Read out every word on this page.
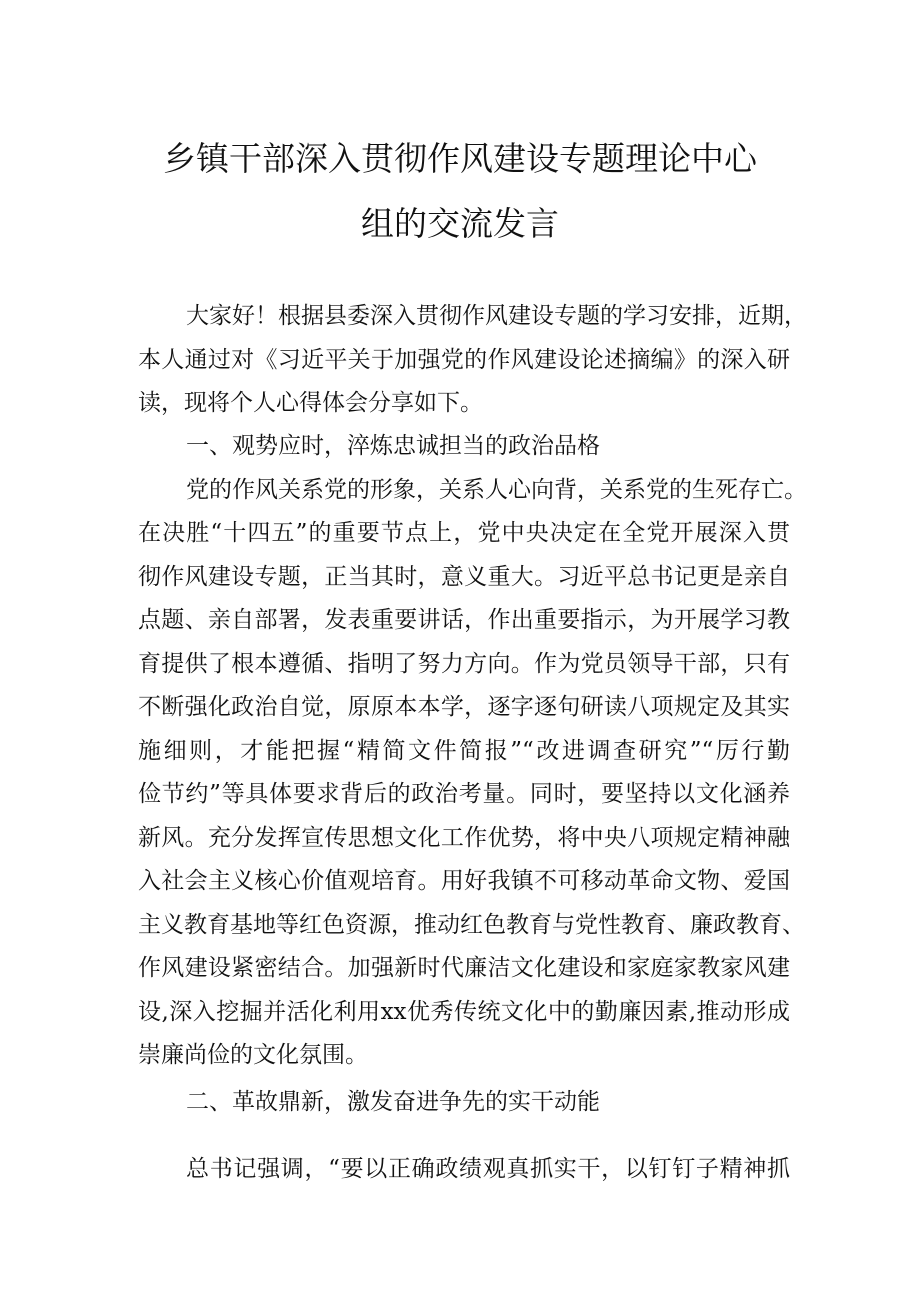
乡镇干部深入贯彻作风建设专题理论中心
组的交流发言
大家好！根据县委深入贯彻作风建设专题的学习安排，近期，
本人通过对《习近平关于加强党的作风建设论述摘编》的深入研
读，现将个人心得体会分享如下。
一、观势应时，淬炼忠诚担当的政治品格
党的作风关系党的形象，关系人心向背，关系党的生死存亡。
在决胜“十四五”的重要节点上，党中央决定在全党开展深入贯
彻作风建设专题，正当其时，意义重大。习近平总书记更是亲自
点题、亲自部署，发表重要讲话，作出重要指示，为开展学习教
育提供了根本遵循、指明了努力方向。作为党员领导干部，只有
不断强化政治自觉，原原本本学，逐字逐句研读八项规定及其实
施细则，才能把握“精简文件简报”“改进调查研究”“厉行勤
俭节约”等具体要求背后的政治考量。同时，要坚持以文化涵养
新风。充分发挥宣传思想文化工作优势，将中央八项规定精神融
入社会主义核心价值观培育。用好我镇不可移动革命文物、爱国
主义教育基地等红色资源，推动红色教育与党性教育、廉政教育、
作风建设紧密结合。加强新时代廉洁文化建设和家庭家教家风建
设,深入挖掘并活化利用xx优秀传统文化中的勤廉因素,推动形成
崇廉尚俭的文化氛围。
二、革故鼎新，激发奋进争先的实干动能
总书记强调，“要以正确政绩观真抓实干，以钉钉子精神抓
